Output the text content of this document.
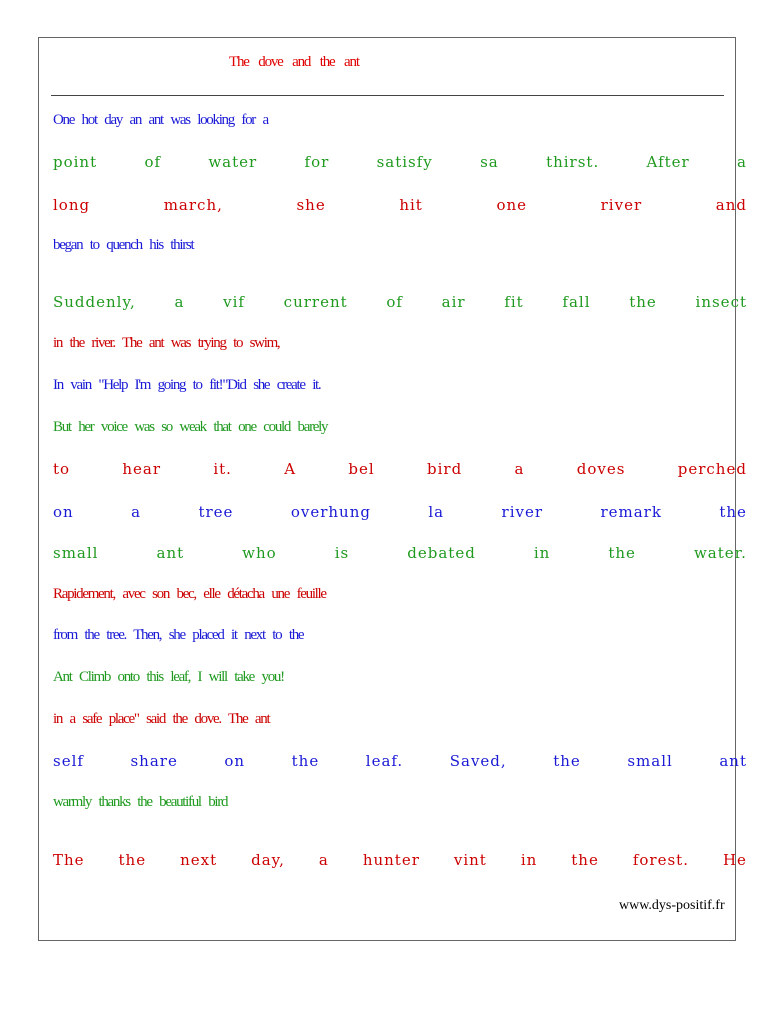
The dove and the ant
One hot day an ant was looking for a
point	of	water	for	satisfy	sa	thirst.	After	a
long	march,	she	hit	one	river	and
began to quench his thirst
Suddenly,	a	vif	current	of	air	fit	fall	the	insect
in the river. The ant was trying to swim,
In vain "Help I'm going to fit!"Did she create it.
But her voice was so weak that one could barely
to	hear	it.	A	bel	bird	a	doves	perched
on	a	tree	overhung	la	river	remark	the
small	ant	who	is	debated	in	the	water.
Rapidement, avec son bec, elle détacha une feuille
from the tree. Then, she placed it next to the
Ant Climb onto this leaf, I will take you!
in a safe place" said the dove. The ant
self	share	on	the	leaf.	Saved,	the	small	ant
warmly thanks the beautiful bird
The the next day, a hunter vint in the forest. He
www.dys-positif.fr
